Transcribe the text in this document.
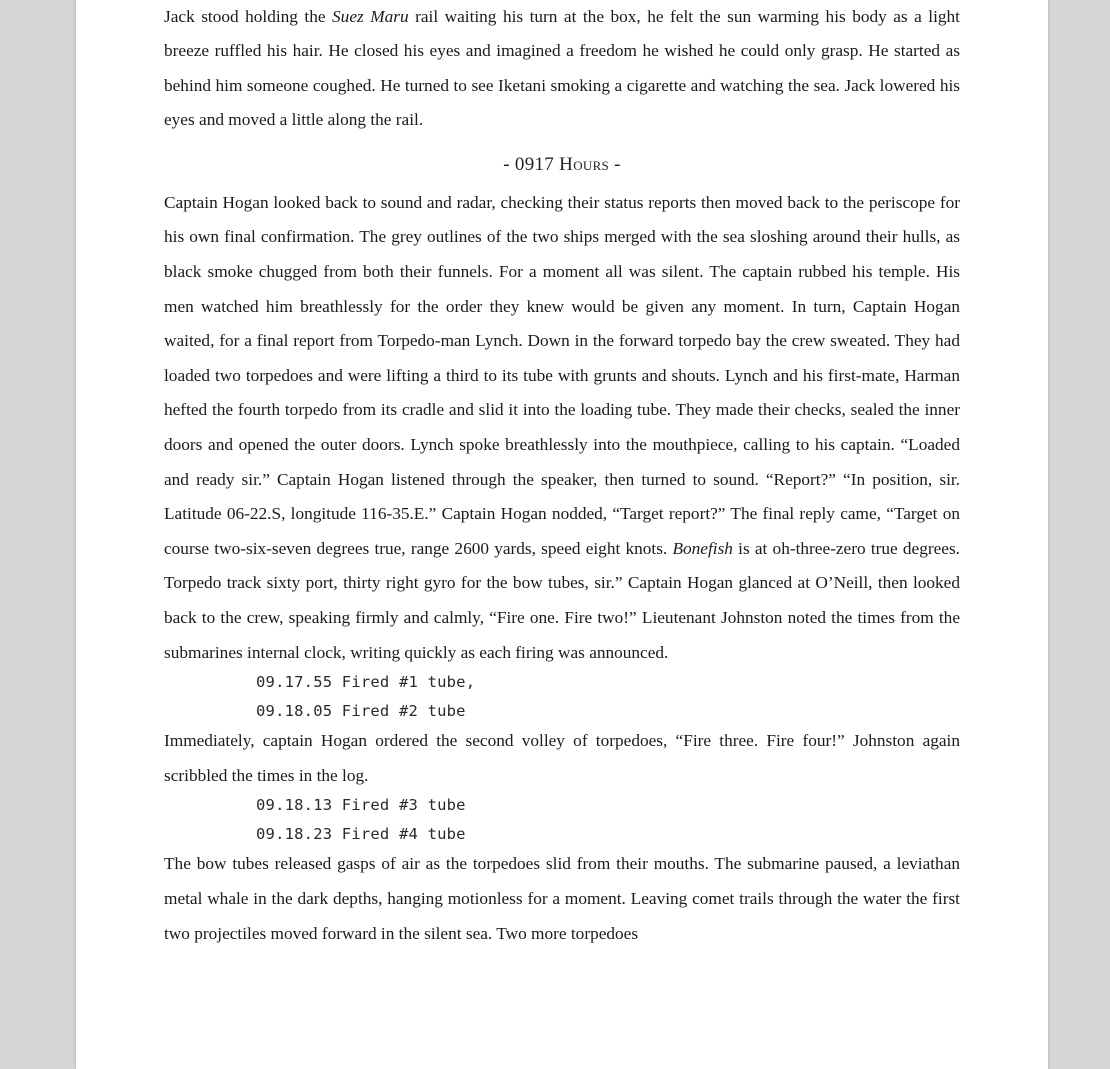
Jack stood holding the Suez Maru rail waiting his turn at the box, he felt the sun warming his body as a light breeze ruffled his hair. He closed his eyes and imagined a freedom he wished he could only grasp. He started as behind him someone coughed. He turned to see Iketani smoking a cigarette and watching the sea. Jack lowered his eyes and moved a little along the rail.

- 0917 Hours -

Captain Hogan looked back to sound and radar, checking their status reports then moved back to the periscope for his own final confirmation. The grey outlines of the two ships merged with the sea sloshing around their hulls, as black smoke chugged from both their funnels. For a moment all was silent. The captain rubbed his temple. His men watched him breathlessly for the order they knew would be given any moment. In turn, Captain Hogan waited, for a final report from Torpedo-man Lynch. Down in the forward torpedo bay the crew sweated. They had loaded two torpedoes and were lifting a third to its tube with grunts and shouts. Lynch and his first-mate, Harman hefted the fourth torpedo from its cradle and slid it into the loading tube. They made their checks, sealed the inner doors and opened the outer doors. Lynch spoke breathlessly into the mouthpiece, calling to his captain. “Loaded and ready sir.” Captain Hogan listened through the speaker, then turned to sound. “Report?” “In position, sir. Latitude 06-22.S, longitude 116-35.E.” Captain Hogan nodded, “Target report?” The final reply came, “Target on course two-six-seven degrees true, range 2600 yards, speed eight knots. Bonefish is at oh-three-zero true degrees. Torpedo track sixty port, thirty right gyro for the bow tubes, sir.” Captain Hogan glanced at O’Neill, then looked back to the crew, speaking firmly and calmly, “Fire one. Fire two!” Lieutenant Johnston noted the times from the submarines internal clock, writing quickly as each firing was announced.

09.17.55 Fired #1 tube,
09.18.05 Fired #2 tube

Immediately, captain Hogan ordered the second volley of torpedoes, “Fire three. Fire four!” Johnston again scribbled the times in the log.

09.18.13 Fired #3 tube
09.18.23 Fired #4 tube

The bow tubes released gasps of air as the torpedoes slid from their mouths. The submarine paused, a leviathan metal whale in the dark depths, hanging motionless for a moment. Leaving comet trails through the water the first two projectiles moved forward in the silent sea. Two more torpedoes
